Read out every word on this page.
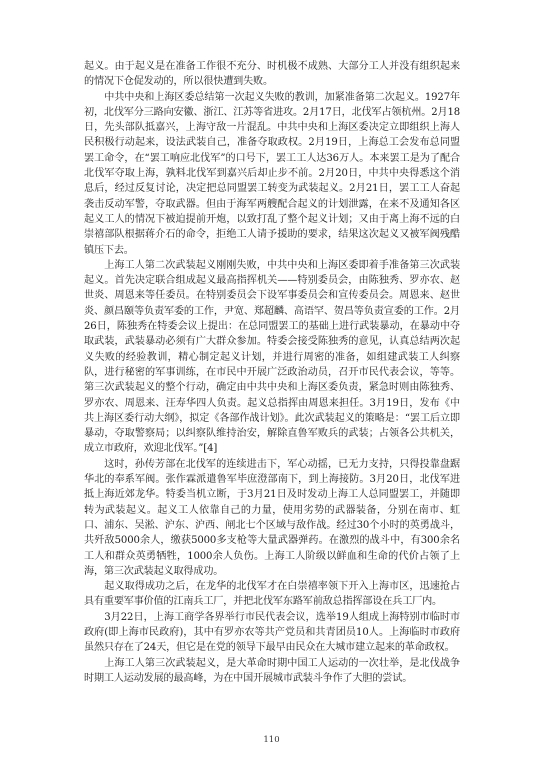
起义。由于起义是在准备工作很不充分、时机极不成熟、大部分工人并没有组织起来的情况下仓促发动的，所以很快遭到失败。

中共中央和上海区委总结第一次起义失败的教训，加紧准备第二次起义。1927年初，北伐军分三路向安徽、浙江、江苏等省进攻。2月17日，北伐军占领杭州。2月18日，先头部队抵嘉兴，上海守敌一片混乱。中共中央和上海区委决定立即组织上海人民积极行动起来，设法武装自己，准备夺取政权。2月19日，上海总工会发布总同盟罢工命令，在“罢工响应北伐军”的口号下，罢工工人达36万人。本来罢工是为了配合北伐军夺取上海，孰料北伐军到嘉兴后却止步不前。2月20日，中共中央得悉这个消息后，经过反复讨论，决定把总同盟罢工转变为武装起义。2月21日，罢工工人奋起袭击反动军警，夺取武器。但由于海军两艘配合起义的计划泄露，在来不及通知各区起义工人的情况下被迫提前开炮，以致打乱了整个起义计划；又由于离上海不远的白崇禧部队根据蒋介石的命令，拒绝工人请予援助的要求，结果这次起义又被军阀残酷镇压下去。

上海工人第二次武装起义刚刚失败，中共中央和上海区委即着手准备第三次武装起义。首先决定联合组成起义最高指挥机关——特别委员会，由陈独秀、罗亦农、赵世炎、周恩来等任委员。在特别委员会下设军事委员会和宣传委员会。周恩来、赵世炎、颜昌颐等负责军委的工作，尹宽、郑超麟、高语罕、贺昌等负责宣委的工作。2月26日，陈独秀在特委会议上提出：在总同盟罢工的基础上进行武装暴动，在暴动中夺取武装，武装暴动必须有广大群众参加。特委会接受陈独秀的意见，认真总结两次起义失败的经验教训，精心制定起义计划，并进行周密的准备，如组建武装工人纠察队，进行秘密的军事训练，在市民中开展广泛政治动员，召开市民代表会议，等等。第三次武装起义的整个行动，确定由中共中央和上海区委负责，紧急时则由陈独秀、罗亦农、周恩来、汪寿华四人负责。起义总指挥由周恩来担任。3月19日，发布《中共上海区委行动大纲》，拟定《各部作战计划》。此次武装起义的策略是：“罢工后立即暴动，夺取警察局；以纠察队维持治安，解除直鲁军败兵的武装；占领各公共机关，成立市政府，欢迎北伐军。”[4]

这时，孙传芳部在北伐军的连续进击下，军心动摇，已无力支持，只得投靠盘踞华北的奉系军阀。张作霖派遣鲁军毕庶澄部南下，到上海接防。3月20日，北伐军进抵上海近郊龙华。特委当机立断，于3月21日及时发动上海工人总同盟罢工，并随即转为武装起义。起义工人依靠自己的力量，使用劣势的武器装备，分别在南市、虹口、浦东、吴淞、沪东、沪西、闸北七个区域与敌作战。经过30个小时的英勇战斗，共歼敌5000余人，缴获5000多支枪等大量武器弹药。在激烈的战斗中，有300余名工人和群众英勇牺牲，1000余人负伤。上海工人阶级以鲜血和生命的代价占领了上海，第三次武装起义取得成功。

起义取得成功之后，在龙华的北伐军才在白崇禧率领下开入上海市区，迅速抢占具有重要军事价值的江南兵工厂，并把北伐军东路军前敌总指挥部设在兵工厂内。

3月22日，上海工商学各界举行市民代表会议，选举19人组成上海特别市临时市政府(即上海市民政府)，其中有罗亦农等共产党员和共青团员10人。上海临时市政府虽然只存在了24天，但它是在党的领导下最早由民众在大城市建立起来的革命政权。

上海工人第三次武装起义，是大革命时期中国工人运动的一次壮举，是北伐战争时期工人运动发展的最高峰，为在中国开展城市武装斗争作了大胆的尝试。

110
